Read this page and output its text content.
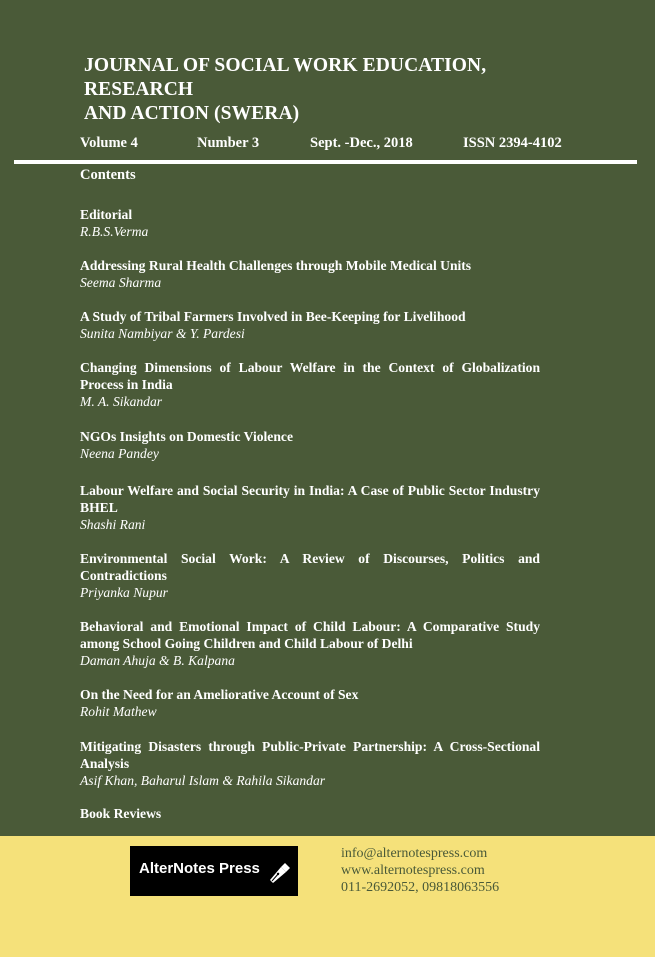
JOURNAL OF SOCIAL WORK EDUCATION, RESEARCH
AND ACTION (SWERA)
Volume 4	Number 3	Sept. -Dec., 2018	ISSN 2394-4102
Contents
Editorial
R.B.S.Verma
Addressing Rural Health Challenges through Mobile Medical Units
Seema Sharma
A Study of Tribal Farmers Involved in Bee-Keeping for Livelihood
Sunita Nambiyar & Y. Pardesi
Changing Dimensions of Labour Welfare in the Context of Globalization Process in India
M. A. Sikandar
NGOs Insights on Domestic Violence
Neena Pandey
Labour Welfare and Social Security in India: A Case of Public Sector Industry BHEL
Shashi Rani
Environmental Social Work: A Review of Discourses, Politics and Contradictions
Priyanka Nupur
Behavioral and Emotional Impact of Child Labour: A Comparative Study among School Going Children and Child Labour of Delhi
Daman Ahuja & B. Kalpana
On the Need for an Ameliorative Account of Sex
Rohit Mathew
Mitigating Disasters through Public-Private Partnership: A Cross-Sectional Analysis
Asif Khan, Baharul Islam & Rahila Sikandar
Book Reviews
AlterNotes Press
info@alternotespress.com
www.alternotespress.com
011-2692052, 09818063556
